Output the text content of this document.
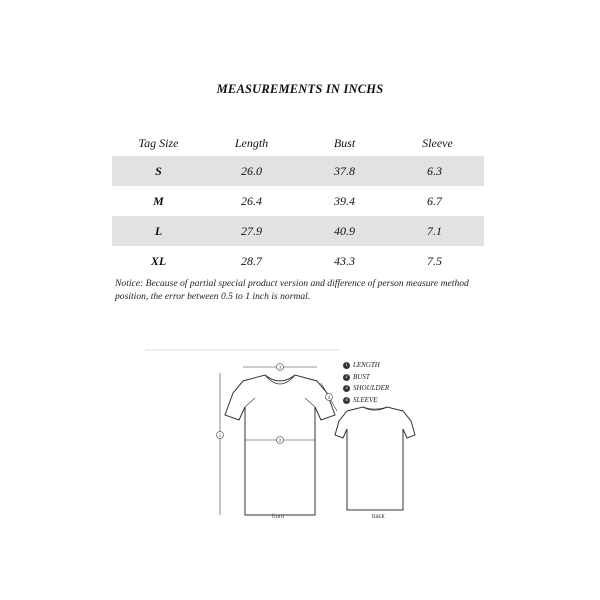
MEASUREMENTS IN INCHS
Tag Size	Length	Bust	Sleeve
S	26.0	37.8	6.3
M	26.4	39.4	6.7
L	27.9	40.9	7.1
XL	28.7	43.3	7.5
Notice: Because of partial special product version and difference of person measure method position, the error between 0.5 to 1 inch is normal.
1
3
2
4
front	back
1 LENGTH
2 BUST
3 SHOULDER
4 SLEEVE
